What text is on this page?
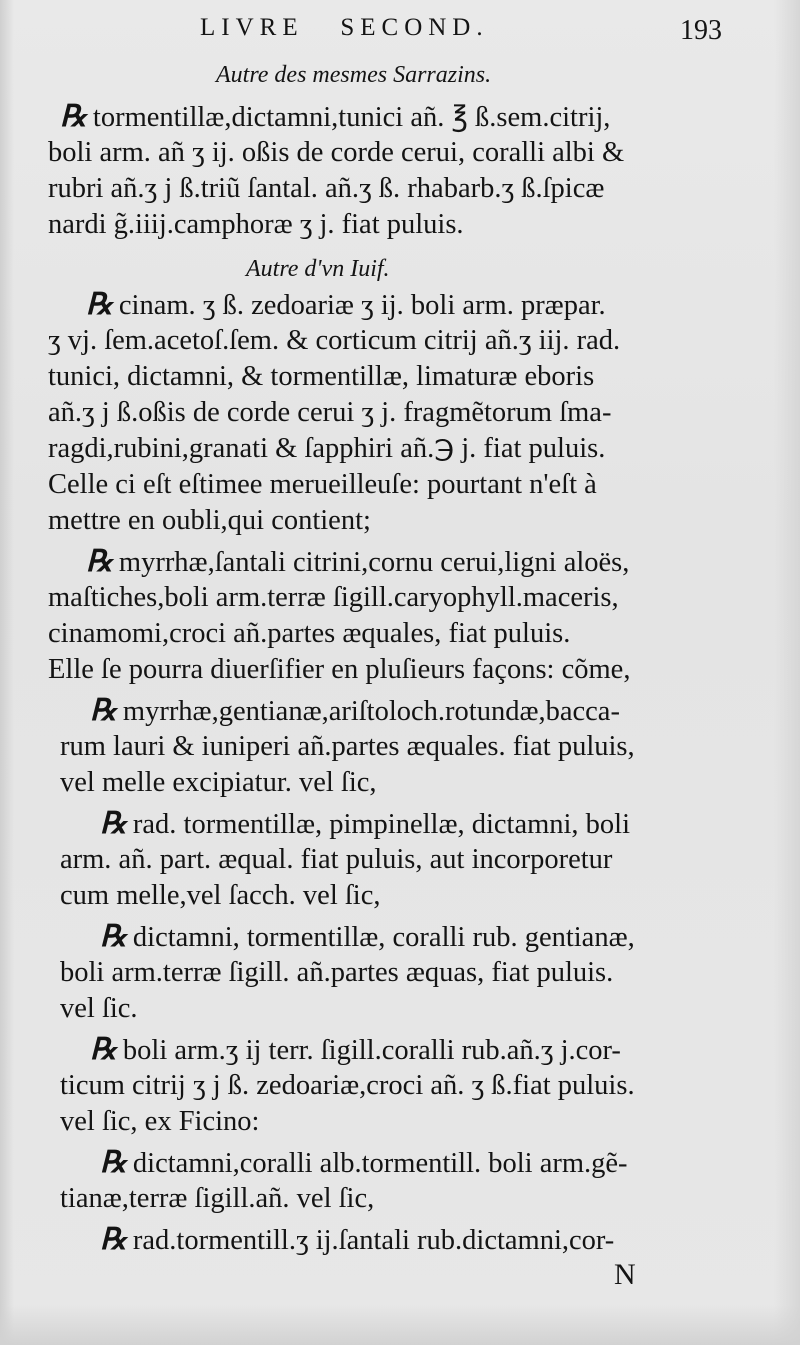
LIVRE   SECOND.	193
Autre des mesmes Sarrazins.
℞ tormentillæ,dictamni,tunici añ. ℥ ß.sem.citrij,
boli arm. añ ʒ ij. oßis de corde cerui, coralli albi &
rubri añ.ʒ j ß.triũ ſantal. añ.ʒ ß. rhabarb.ʒ ß.ſpicæ
nardi g̃.iiij.camphoræ ʒ j. fiat puluis.
Autre d'vn Iuif.
℞ cinam. ʒ ß. zedoariæ ʒ ij. boli arm. præpar.
ʒ vj. ſem.acetoſ.ſem. & corticum citrij añ.ʒ iij. rad.
tunici, dictamni, & tormentillæ, limaturæ eboris
añ.ʒ j ß.oßis de corde cerui ʒ j. fragmẽtorum ſma-
ragdi,rubini,granati & ſapphiri añ.℈ j. fiat puluis.
Celle ci eſt eſtimee merueilleuſe: pourtant n'eſt à
mettre en oubli,qui contient;
℞ myrrhæ,ſantali citrini,cornu cerui,ligni aloës,
maſtiches,boli arm.terræ ſigill.caryophyll.maceris,
cinamomi,croci añ.partes æquales, fiat puluis.
Elle ſe pourra diuerſifier en pluſieurs façons: cõme,
℞ myrrhæ,gentianæ,ariſtoloch.rotundæ,bacca-
rum lauri & iuniperi añ.partes æquales. fiat puluis,
vel melle excipiatur. vel ſic,
℞ rad. tormentillæ, pimpinellæ, dictamni, boli
arm. añ. part. æqual. fiat puluis, aut incorporetur
cum melle,vel ſacch. vel ſic,
℞ dictamni, tormentillæ, coralli rub. gentianæ,
boli arm.terræ ſigill. añ.partes æquas, fiat puluis.
vel ſic.
℞ boli arm.ʒ ij terr. ſigill.coralli rub.añ.ʒ j.cor-
ticum citrij ʒ j ß. zedoariæ,croci añ. ʒ ß.fiat puluis.
vel ſic, ex Ficino:
℞ dictamni,coralli alb.tormentill. boli arm.gẽ-
tianæ,terræ ſigill.añ. vel ſic,
℞ rad.tormentill.ʒ ij.ſantali rub.dictamni,cor-
N
